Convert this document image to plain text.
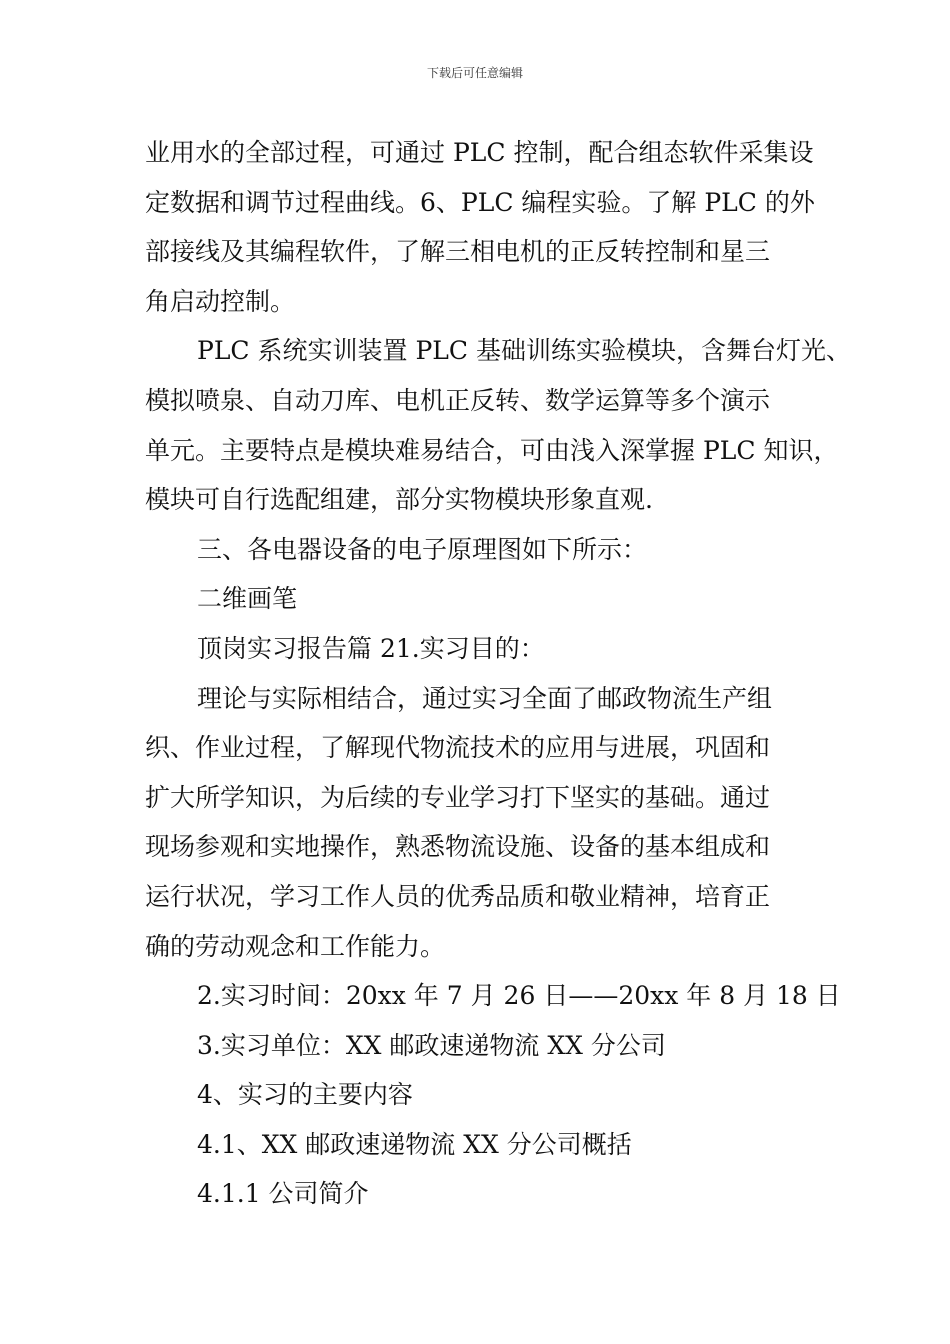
下载后可任意编辑
业用水的全部过程，可通过 PLC 控制，配合组态软件采集设
定数据和调节过程曲线。6、PLC 编程实验。了解 PLC 的外
部接线及其编程软件，了解三相电机的正反转控制和星三
角启动控制。
PLC 系统实训装置 PLC 基础训练实验模块，含舞台灯光、
模拟喷泉、自动刀库、电机正反转、数学运算等多个演示
单元。主要特点是模块难易结合，可由浅入深掌握 PLC 知识，
模块可自行选配组建，部分实物模块形象直观.
三、各电器设备的电子原理图如下所示：
二维画笔
顶岗实习报告篇 21.实习目的：
理论与实际相结合，通过实习全面了邮政物流生产组
织、作业过程，了解现代物流技术的应用与进展，巩固和
扩大所学知识，为后续的专业学习打下坚实的基础。通过
现场参观和实地操作，熟悉物流设施、设备的基本组成和
运行状况，学习工作人员的优秀品质和敬业精神，培育正
确的劳动观念和工作能力。
2.实习时间：20xx 年 7 月 26 日——20xx 年 8 月 18 日
3.实习单位：XX 邮政速递物流 XX 分公司
4、实习的主要内容
4.1、XX 邮政速递物流 XX 分公司概括
4.1.1 公司简介
